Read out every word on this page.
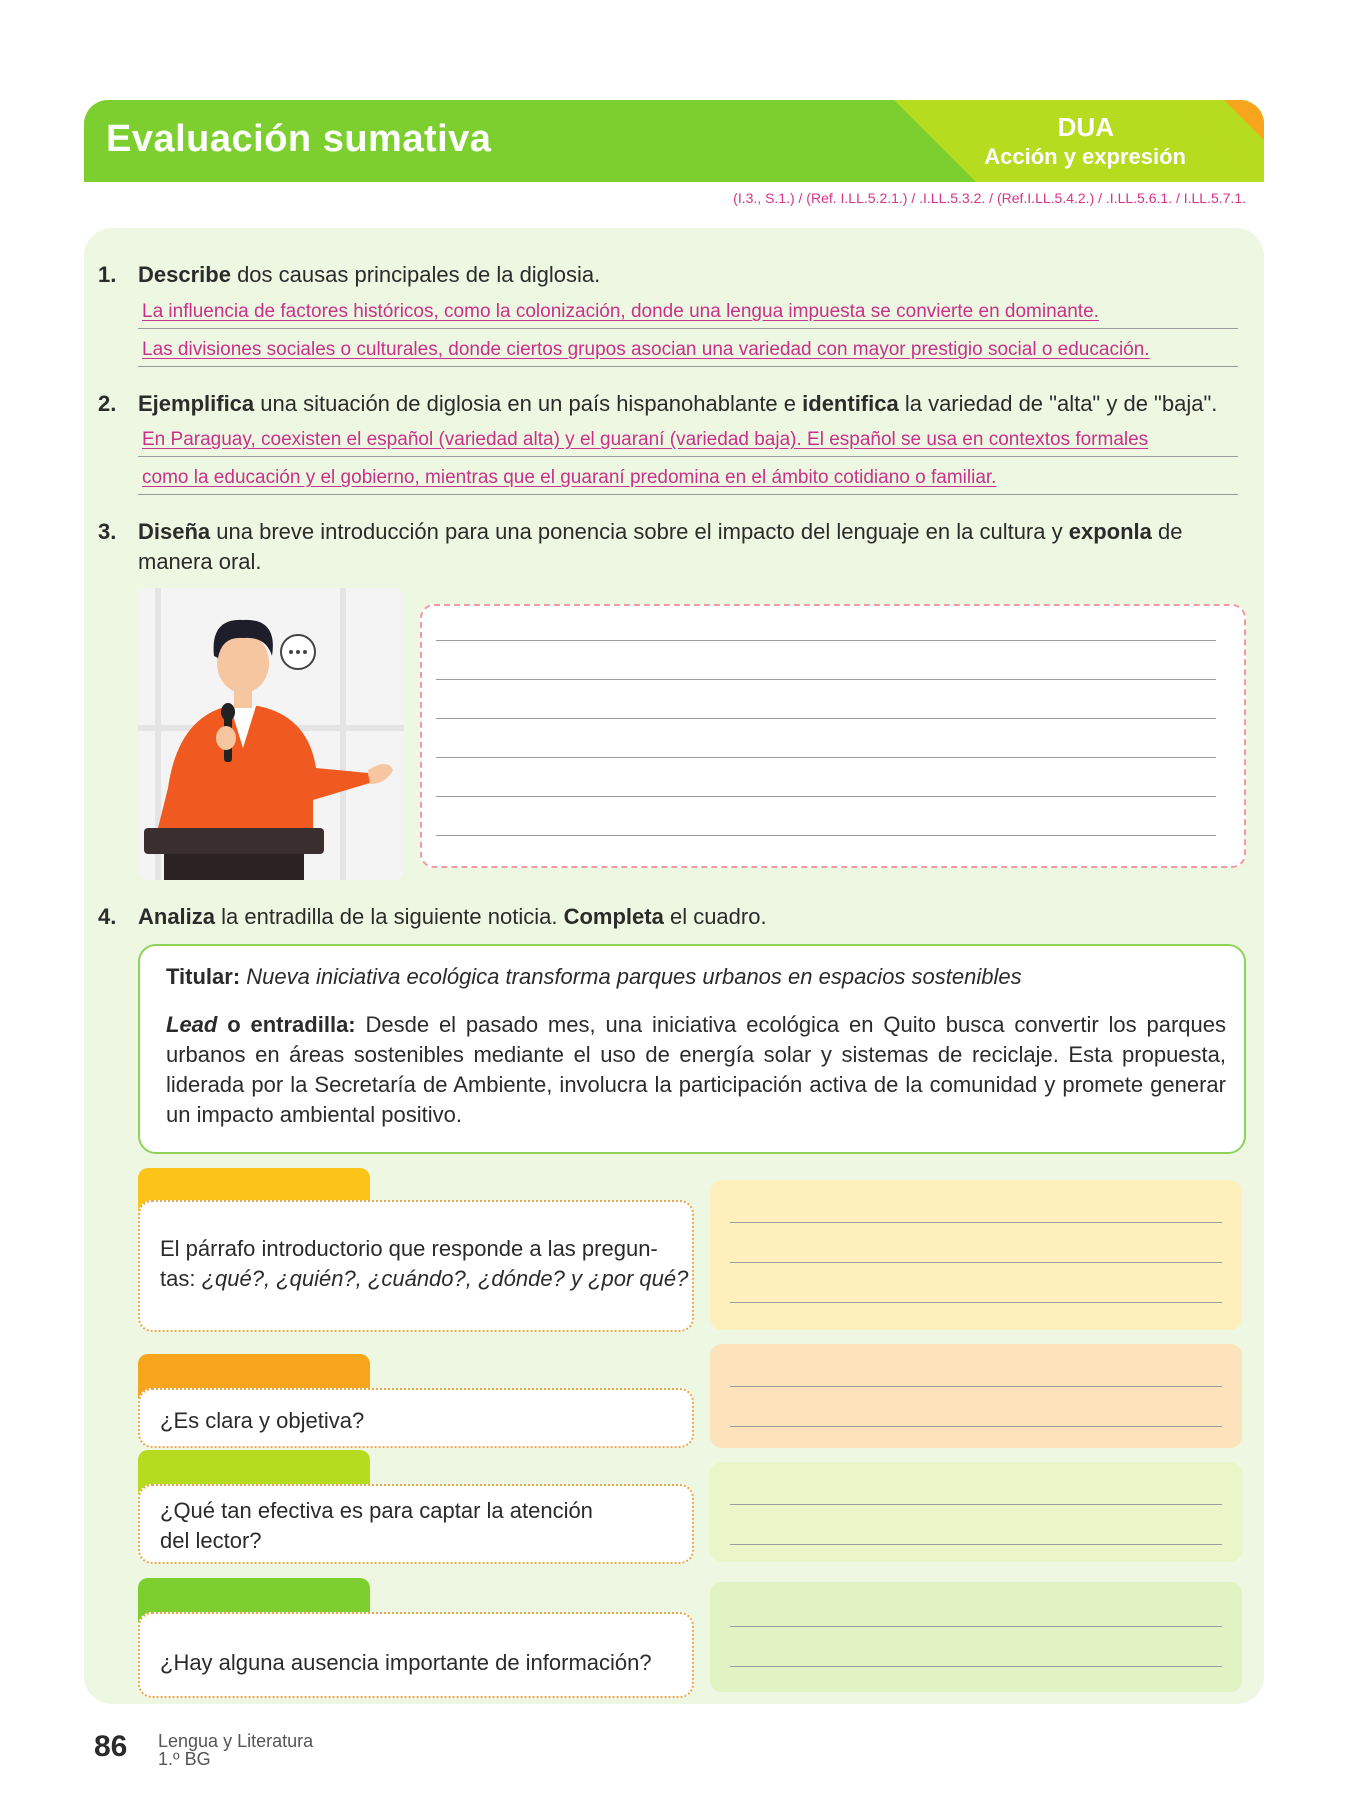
Evaluación sumativa	DUA
Acción y expresión
(I.3., S.1.) / (Ref. I.LL.5.2.1.) / .I.LL.5.3.2. / (Ref.I.LL.5.4.2.) / .I.LL.5.6.1. / I.LL.5.7.1.
1. Describe dos causas principales de la diglosia.
La influencia de factores históricos, como la colonización, donde una lengua impuesta se convierte en dominante.
Las divisiones sociales o culturales, donde ciertos grupos asocian una variedad con mayor prestigio social o educación.
2. Ejemplifica una situación de diglosia en un país hispanohablante e identifica la variedad de "alta" y de "baja".
En Paraguay, coexisten el español (variedad alta) y el guaraní (variedad baja). El español se usa en contextos formales
como la educación y el gobierno, mientras que el guaraní predomina en el ámbito cotidiano o familiar.
3. Diseña una breve introducción para una ponencia sobre el impacto del lenguaje en la cultura y exponla de manera oral.
4. Analiza la entradilla de la siguiente noticia. Completa el cuadro.
Titular: Nueva iniciativa ecológica transforma parques urbanos en espacios sostenibles
Lead o entradilla: Desde el pasado mes, una iniciativa ecológica en Quito busca convertir los parques urbanos en áreas sostenibles mediante el uso de energía solar y sistemas de reciclaje. Esta propuesta, liderada por la Secretaría de Ambiente, involucra la participación activa de la comunidad y promete generar un impacto ambiental positivo.
El párrafo introductorio que responde a las pregun-
tas: ¿qué?, ¿quién?, ¿cuándo?, ¿dónde? y ¿por qué?
¿Es clara y objetiva?
¿Qué tan efectiva es para captar la atención
del lector?
¿Hay alguna ausencia importante de información?
86 Lengua y Literatura
1.º BG
